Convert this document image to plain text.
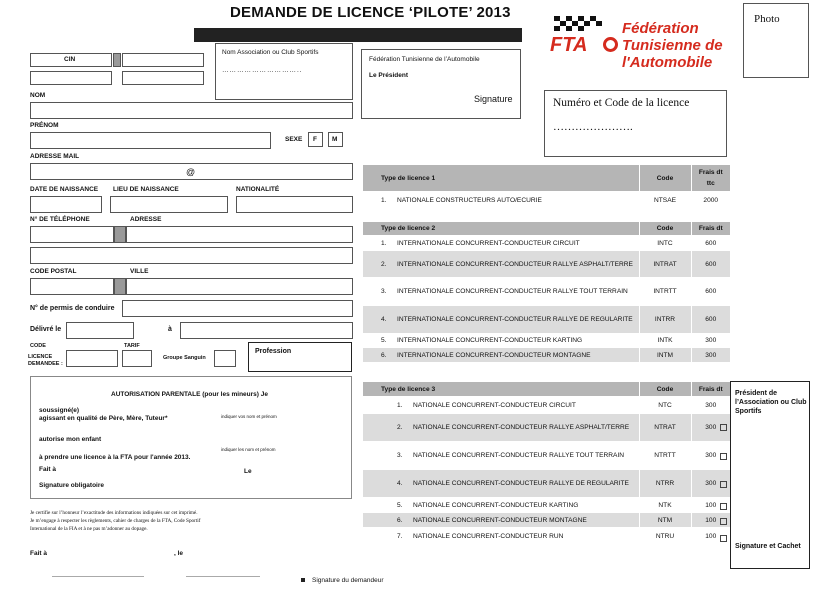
DEMANDE DE LICENCE ‘PILOTE’ 2013	Photo
FTA
Fédération
Tunisienne de
l'Automobile
Nom Association ou Club Sportifs
…………………………..
Fédération Tunisienne de l’Automobile
Le Président
Signature	Numéro et Code de la licence
………………….
CIN
NOM
PRÉNOM
SEXE F M
ADRESSE MAIL
@
DATE DE NAISSANCE LIEU DE NAISSANCE	NATIONALITÉ
N° DE TÉLÉPHONE	ADRESSE
CODE POSTAL	VILLE
N° de permis de conduire
Délivré le	à
CODE	TARIF
LICENCE
DEMANDEE :
Groupe Sanguin
Profession
AUTORISATION PARENTALE (pour les mineurs) Je
soussigné(e)
agissant en qualité de Père, Mère, Tuteur*	indiquer vos nom et prénom
autorise mon enfant
indiquer les nom et prénom
à prendre une licence à la FTA pour l'année 2013.
Fait à	Le
Signature obligatoire
Je certifie sur l’honneur l’exactitude des informations indiquées sur cet imprimé.
Je m’engage à respecter les règlements, cahier de charges de la FTA, Code Sportif
International de la FIA et à ne pas m’adonner au dopage.
Fait à	, le
Signature du demandeur
Type de licence 1	Code	Frais dt ttc
1. NATIONALE CONSTRUCTEURS AUTO/ECURIE	NTSAE	2000
Type de licence 2	Code	Frais dt
1. INTERNATIONALE CONCURRENT-CONDUCTEUR CIRCUIT	INTC	600
2. INTERNATIONALE CONCURRENT-CONDUCTEUR RALLYE ASPHALT/TERRE	INTRAT	600
3. INTERNATIONALE CONCURRENT-CONDUCTEUR RALLYE TOUT TERRAIN	INTRTT	600
4. INTERNATIONALE CONCURRENT-CONDUCTEUR RALLYE DE REGULARITE	INTRR	600
5. INTERNATIONALE CONCURRENT-CONDUCTEUR KARTING	INTK	300
6. INTERNATIONALE CONCURRENT-CONDUCTEUR MONTAGNE	INTM	300
Type de licence 3	Code	Frais dt
1. NATIONALE CONCURRENT-CONDUCTEUR CIRCUIT	NTC	300
2. NATIONALE CONCURRENT-CONDUCTEUR RALLYE ASPHALT/TERRE	NTRAT	300
3. NATIONALE CONCURRENT-CONDUCTEUR RALLYE TOUT TERRAIN	NTRTT	300
4. NATIONALE CONCURRENT-CONDUCTEUR RALLYE DE REGULARITE	NTRR	300
5. NATIONALE CONCURRENT-CONDUCTEUR KARTING	NTK	100
6. NATIONALE CONCURRENT-CONDUCTEUR MONTAGNE	NTM	100
7. NATIONALE CONCURRENT-CONDUCTEUR RUN	NTRU	100
Président de l’Association ou Club Sportifs
Signature et Cachet
